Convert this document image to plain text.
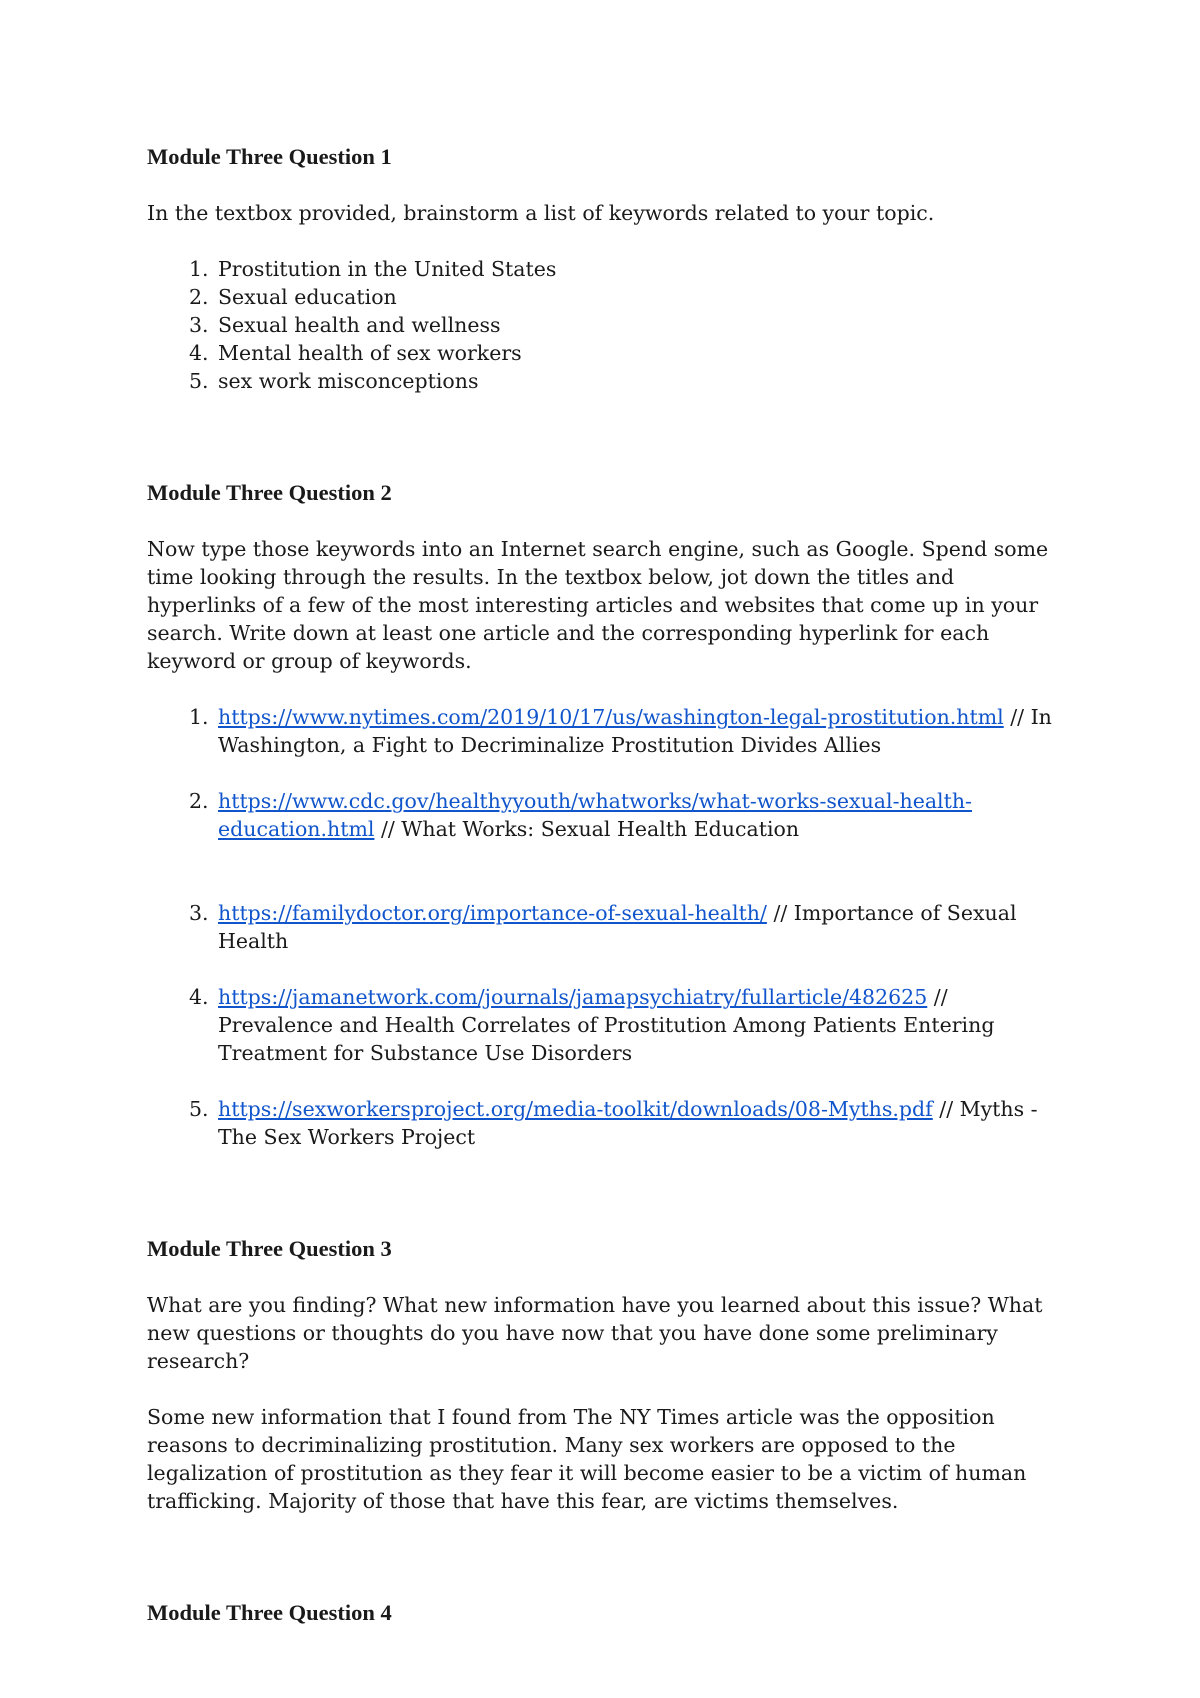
Module Three Question 1

In the textbox provided, brainstorm a list of keywords related to your topic.

1. Prostitution in the United States
2. Sexual education
3. Sexual health and wellness
4. Mental health of sex workers
5. sex work misconceptions
Module Three Question 2

Now type those keywords into an Internet search engine, such as Google. Spend some time looking through the results. In the textbox below, jot down the titles and hyperlinks of a few of the most interesting articles and websites that come up in your search. Write down at least one article and the corresponding hyperlink for each keyword or group of keywords.

1. https://www.nytimes.com/2019/10/17/us/washington-legal-prostitution.html // In Washington, a Fight to Decriminalize Prostitution Divides Allies
2. https://www.cdc.gov/healthyyouth/whatworks/what-works-sexual-health-education.html // What Works: Sexual Health Education
3. https://familydoctor.org/importance-of-sexual-health/ // Importance of Sexual Health
4. https://jamanetwork.com/journals/jamapsychiatry/fullarticle/482625 // Prevalence and Health Correlates of Prostitution Among Patients Entering Treatment for Substance Use Disorders
5. https://sexworkersproject.org/media-toolkit/downloads/08-Myths.pdf // Myths - The Sex Workers Project
Module Three Question 3

What are you finding? What new information have you learned about this issue? What new questions or thoughts do you have now that you have done some preliminary research?

Some new information that I found from The NY Times article was the opposition reasons to decriminalizing prostitution. Many sex workers are opposed to the legalization of prostitution as they fear it will become easier to be a victim of human trafficking. Majority of those that have this fear, are victims themselves.

Module Three Question 4
